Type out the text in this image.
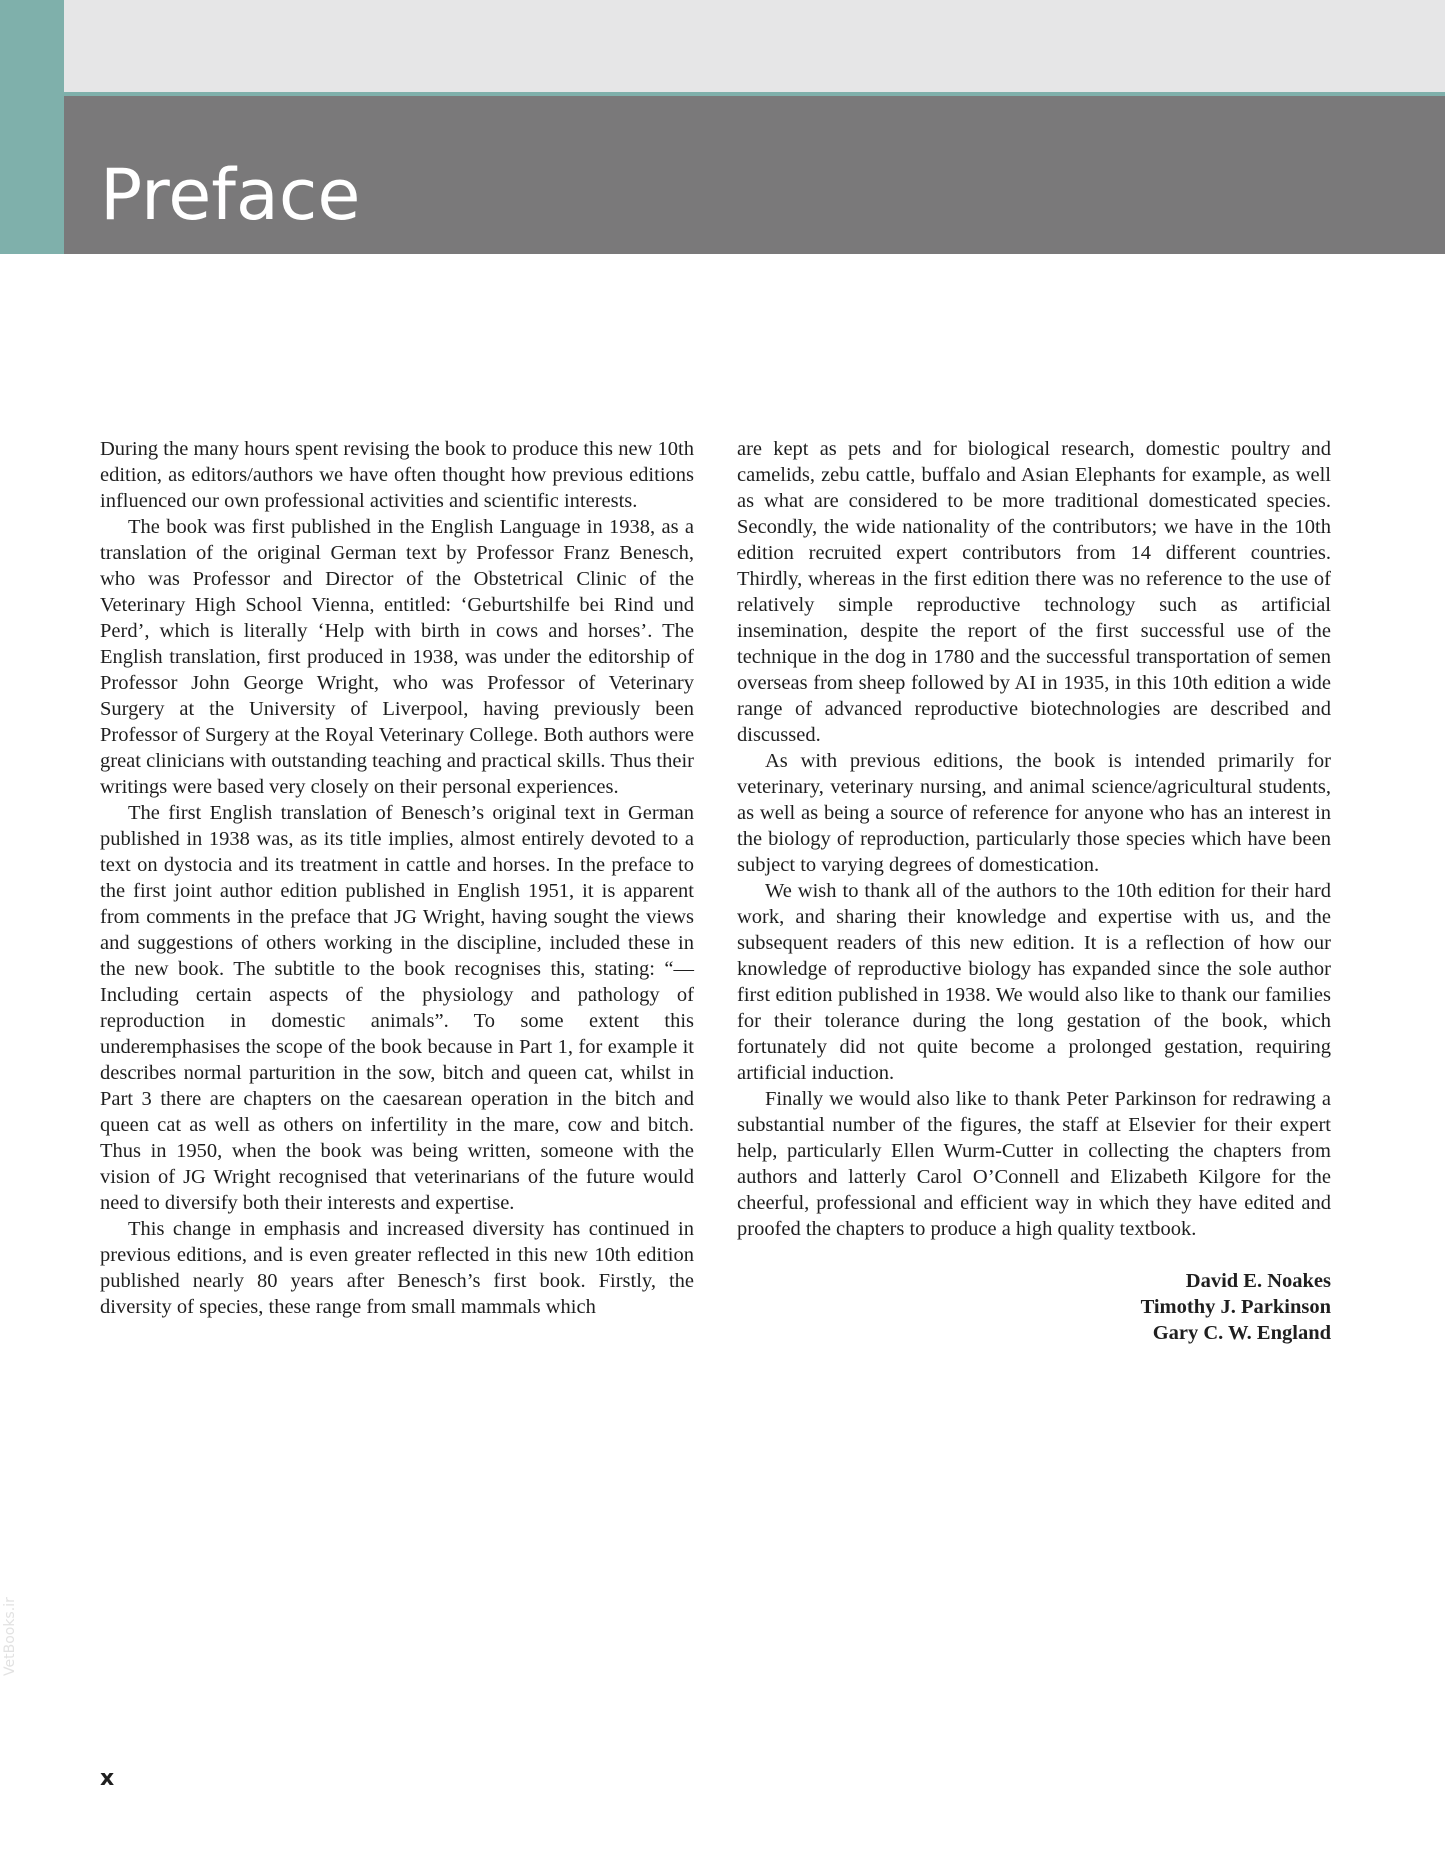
Preface

During the many hours spent revising the book to produce this new 10th edition, as editors/authors we have often thought how previous editions influenced our own professional activities and scientific interests.

The book was first published in the English Language in 1938, as a translation of the original German text by Professor Franz Benesch, who was Professor and Director of the Obstetrical Clinic of the Veterinary High School Vienna, entitled: ‘Geburtshilfe bei Rind und Perd’, which is literally ‘Help with birth in cows and horses’. The English translation, first produced in 1938, was under the editorship of Professor John George Wright, who was Professor of Veterinary Surgery at the University of Liverpool, having previously been Professor of Surgery at the Royal Veterinary College. Both authors were great clinicians with outstanding teaching and practical skills. Thus their writings were based very closely on their personal experiences.

The first English translation of Benesch’s original text in German published in 1938 was, as its title implies, almost entirely devoted to a text on dystocia and its treatment in cattle and horses. In the preface to the first joint author edition published in English 1951, it is apparent from comments in the preface that JG Wright, having sought the views and suggestions of others working in the discipline, included these in the new book. The subtitle to the book recognises this, stating: “—Including certain aspects of the physiology and pathology of reproduction in domestic animals”. To some extent this underemphasises the scope of the book because in Part 1, for example it describes normal parturition in the sow, bitch and queen cat, whilst in Part 3 there are chapters on the caesarean operation in the bitch and queen cat as well as others on infertility in the mare, cow and bitch. Thus in 1950, when the book was being written, someone with the vision of JG Wright recognised that veterinarians of the future would need to diversify both their interests and expertise.

This change in emphasis and increased diversity has continued in previous editions, and is even greater reflected in this new 10th edition published nearly 80 years after Benesch’s first book. Firstly, the diversity of species, these range from small mammals which

are kept as pets and for biological research, domestic poultry and camelids, zebu cattle, buffalo and Asian Elephants for example, as well as what are considered to be more traditional domesticated species. Secondly, the wide nationality of the contributors; we have in the 10th edition recruited expert contributors from 14 different countries. Thirdly, whereas in the first edition there was no reference to the use of relatively simple reproductive technology such as artificial insemination, despite the report of the first successful use of the technique in the dog in 1780 and the successful transportation of semen overseas from sheep followed by AI in 1935, in this 10th edition a wide range of advanced reproductive biotechnologies are described and discussed.

As with previous editions, the book is intended primarily for veterinary, veterinary nursing, and animal science/agricultural students, as well as being a source of reference for anyone who has an interest in the biology of reproduction, particularly those species which have been subject to varying degrees of domestication.

We wish to thank all of the authors to the 10th edition for their hard work, and sharing their knowledge and expertise with us, and the subsequent readers of this new edition. It is a reflection of how our knowledge of reproductive biology has expanded since the sole author first edition published in 1938. We would also like to thank our families for their tolerance during the long gestation of the book, which fortunately did not quite become a prolonged gestation, requiring artificial induction.

Finally we would also like to thank Peter Parkinson for redrawing a substantial number of the figures, the staff at Elsevier for their expert help, particularly Ellen Wurm-Cutter in collecting the chapters from authors and latterly Carol O’Connell and Elizabeth Kilgore for the cheerful, professional and efficient way in which they have edited and proofed the chapters to produce a high quality textbook.

David E. Noakes
Timothy J. Parkinson
Gary C. W. England
VetBooks.ir
x
